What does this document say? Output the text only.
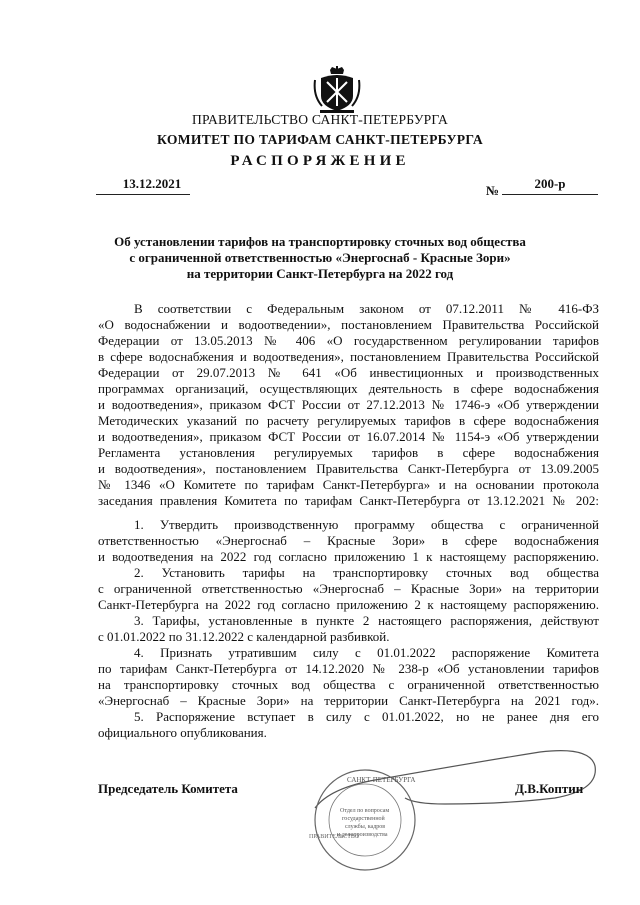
ПРАВИТЕЛЬСТВО САНКТ-ПЕТЕРБУРГА
КОМИТЕТ ПО ТАРИФАМ САНКТ-ПЕТЕРБУРГА
РАСПОРЯЖЕНИЕ
13.12.2021	№	200-р
Об установлении тарифов на транспортировку сточных вод общества
с ограниченной ответственностью «Энергоснаб - Красные Зори»
на территории Санкт-Петербурга на 2022 год
В соответствии с Федеральным законом от 07.12.2011 № 416-ФЗ
«О водоснабжении и водоотведении», постановлением Правительства Российской
Федерации от 13.05.2013 № 406 «О государственном регулировании тарифов
в сфере водоснабжения и водоотведения», постановлением Правительства Российской
Федерации от 29.07.2013 № 641 «Об инвестиционных и производственных
программах организаций, осуществляющих деятельность в сфере водоснабжения
и водоотведения», приказом ФСТ России от 27.12.2013 № 1746-э «Об утверждении
Методических указаний по расчету регулируемых тарифов в сфере водоснабжения
и водоотведения», приказом ФСТ России от 16.07.2014 № 1154-э «Об утверждении
Регламента установления регулируемых тарифов в сфере водоснабжения
и водоотведения», постановлением Правительства Санкт-Петербурга от 13.09.2005
№ 1346 «О Комитете по тарифам Санкт-Петербурга» и на основании протокола
заседания правления Комитета по тарифам Санкт-Петербурга от 13.12.2021 № 202:
1. Утвердить производственную программу общества с ограниченной
ответственностью «Энергоснаб – Красные Зори» в сфере водоснабжения
и водоотведения на 2022 год согласно приложению 1 к настоящему распоряжению.
2. Установить тарифы на транспортировку сточных вод общества
с ограниченной ответственностью «Энергоснаб – Красные Зори» на территории
Санкт-Петербурга на 2022 год согласно приложению 2 к настоящему распоряжению.
3. Тарифы, установленные в пункте 2 настоящего распоряжения, действуют
с 01.01.2022 по 31.12.2022 с календарной разбивкой.
4. Признать утратившим силу с 01.01.2022 распоряжение Комитета
по тарифам Санкт-Петербурга от 14.12.2020 № 238-р «Об установлении тарифов
на транспортировку сточных вод общества с ограниченной ответственностью
«Энергоснаб – Красные Зори» на территории Санкт-Петербурга на 2021 год».
5. Распоряжение вступает в силу с 01.01.2022, но не ранее дня его
официального опубликования.
САНКТ-ПЕТЕРБУРГА
ПРАВИТЕЛЬСТВО
Отдел по вопросам
государственной
службы, кадров
и делопроизводства
Председатель Комитета	Д.В.Коптин
